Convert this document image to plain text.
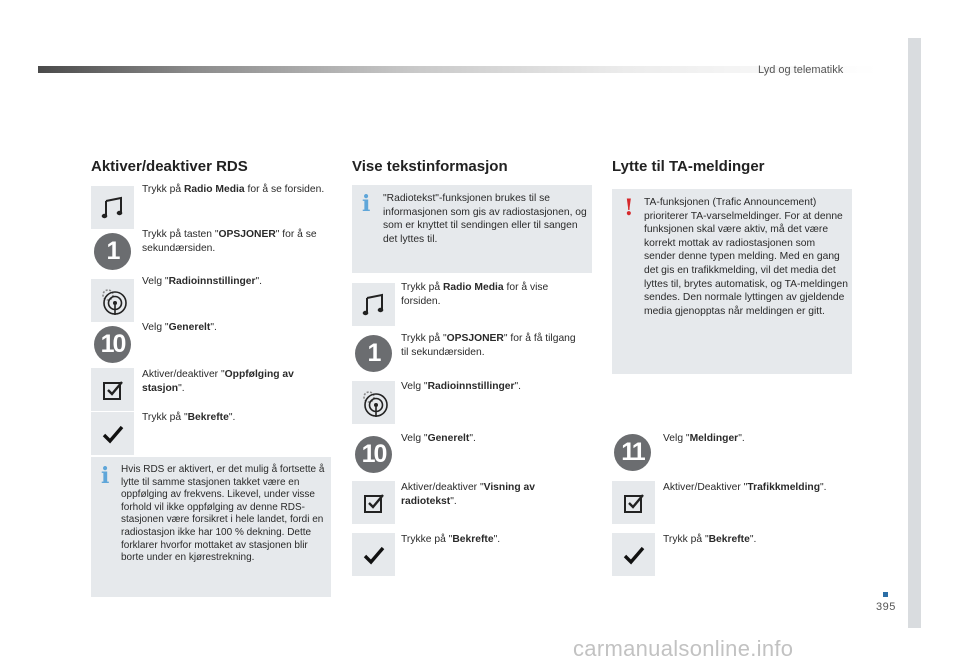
Lyd og telematikk
395
carmanualsonline.info
Aktiver/deaktiver RDS
Trykk på Radio Media for å se forsiden.
1
Trykk på tasten "OPSJONER" for å se sekundærsiden.
Velg "Radioinnstillinger".
10
Velg "Generelt".
Aktiver/deaktiver "Oppfølging av stasjon".
Trykk på "Bekrefte".
i Hvis RDS er aktivert, er det mulig å fortsette å lytte til samme stasjonen takket være en oppfølging av frekvens. Likevel, under visse forhold vil ikke oppfølging av denne RDS-stasjonen være forsikret i hele landet, fordi en radiostasjon ikke har 100 % dekning. Dette forklarer hvorfor mottaket av stasjonen blir borte under en kjørestrekning.
Vise tekstinformasjon
i "Radiotekst"-funksjonen brukes til se informasjonen som gis av radiostasjonen, og som er knyttet til sendingen eller til sangen det lyttes til.
Trykk på Radio Media for å vise forsiden.
1
Trykk på "OPSJONER" for å få tilgang til sekundærsiden.
Velg "Radioinnstillinger".
10
Velg "Generelt".
Aktiver/deaktiver "Visning av radiotekst".
Trykke på "Bekrefte".
Lytte til TA-meldinger
! TA-funksjonen (Trafic Announcement) prioriterer TA-varselmeldinger. For at denne funksjonen skal være aktiv, må det være korrekt mottak av radiostasjonen som sender denne typen melding. Med en gang det gis en trafikkmelding, vil det media det lyttes til, brytes automatisk, og TA-meldingen sendes. Den normale lyttingen av gjeldende media gjenopptas når meldingen er gitt.
11	Velg "Meldinger".
Aktiver/Deaktiver "Trafikkmelding".
Trykk på "Bekrefte".
